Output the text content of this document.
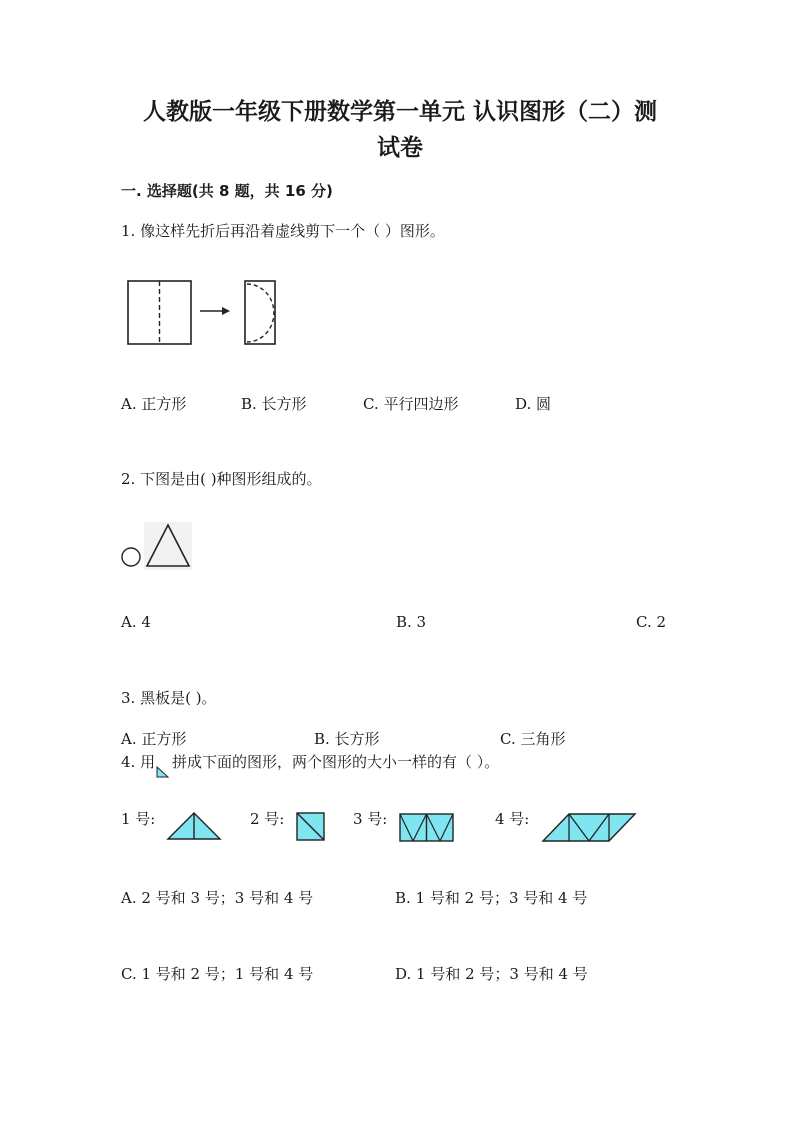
人教版一年级下册数学第一单元 认识图形（二）测
试卷
一. 选择题(共 8 题，共 16 分)
1. 像这样先折后再沿着虚线剪下一个（ ）图形。
A. 正方形	B. 长方形	C. 平行四边形	D. 圆
2. 下图是由( )种图形组成的。
A. 4	B. 3	C. 2
3. 黑板是( )。
A. 正方形	B. 长方形	C. 三角形
4. 用 拼成下面的图形，两个图形的大小一样的有（ ）。
1 号:	2 号:	3 号:	4 号:
A. 2 号和 3 号；3 号和 4 号	B. 1 号和 2 号；3 号和 4 号
C. 1 号和 2 号；1 号和 4 号	D. 1 号和 2 号；3 号和 4 号
